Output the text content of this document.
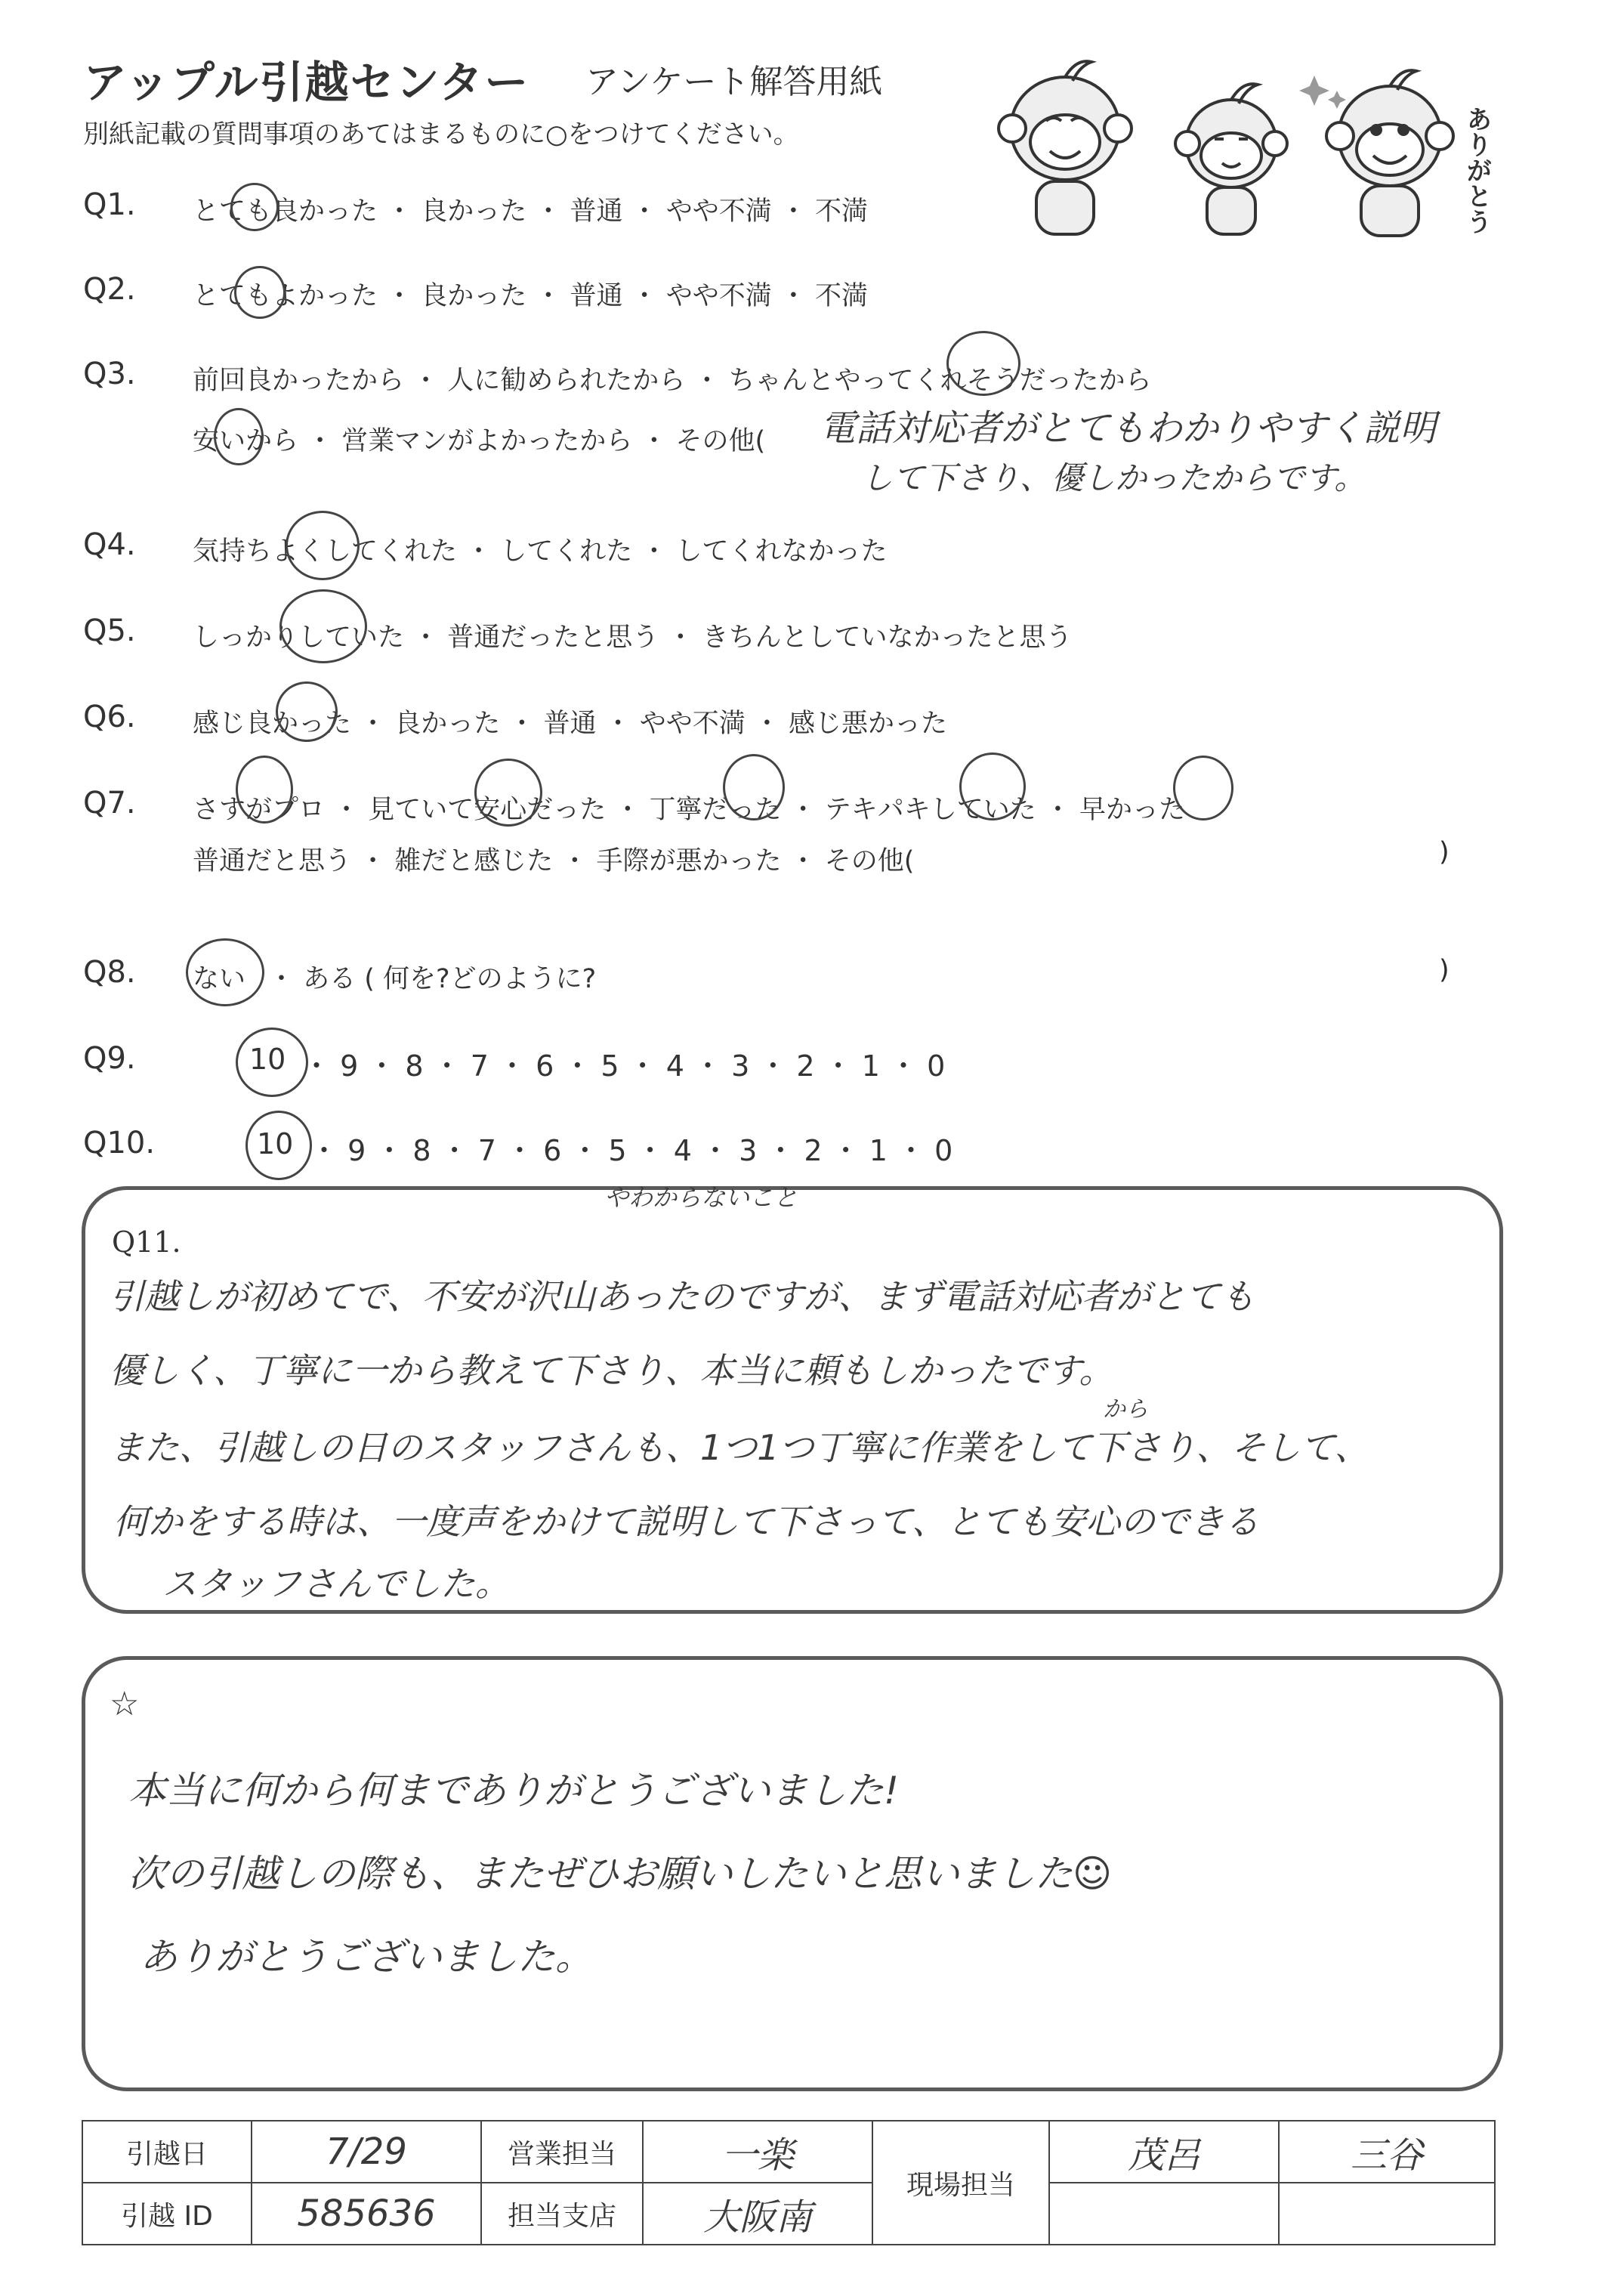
アップル引越センター アンケート解答用紙
別紙記載の質問事項のあてはまるものに○をつけてください。	ありがとう
Q1. とても良かった ・ 良かった ・ 普通 ・ やや不満 ・ 不満
Q2. とてもよかった ・ 良かった ・ 普通 ・ やや不満 ・ 不満
Q3. 前回良かったから ・ 人に勧められたから ・ ちゃんとやってくれそうだったから
安いから ・ 営業マンがよかったから ・ その他( 電話対応者がとてもわかりやすく説明
して下さり、優しかったからです。
Q4. 気持ちよくしてくれた ・ してくれた ・ してくれなかった
Q5. しっかりしていた ・ 普通だったと思う ・ きちんとしていなかったと思う
Q6. 感じ良かった ・ 良かった ・ 普通 ・ やや不満 ・ 感じ悪かった
Q7. さすがプロ ・ 見ていて安心だった ・ 丁寧だった ・ テキパキしていた ・ 早かった
普通だと思う ・ 雑だと感じた ・ 手際が悪かった ・ その他(	)
Q8. ない ・ ある ( 何を?どのように?	)
Q9.	10 ・ 9 ・ 8 ・ 7 ・ 6 ・ 5 ・ 4 ・ 3 ・ 2 ・ 1 ・ 0
Q10.	10 ・ 9 ・ 8 ・ 7 ・ 6 ・ 5 ・ 4 ・ 3 ・ 2 ・ 1 ・ 0
Q11.
やわからないこと
から
引越しが初めてで、不安が沢山あったのですが、まず電話対応者がとても
優しく、丁寧に一から教えて下さり、本当に頼もしかったです。
また、引越しの日のスタッフさんも、1つ1つ丁寧に作業をして下さり、そして、
何かをする時は、一度声をかけて説明して下さって、とても安心のできる
スタッフさんでした。
☆
本当に何から何までありがとうございました!
次の引越しの際も、またぜひお願いしたいと思いました☺
ありがとうございました。
引越日	7/29	営業担当	一楽	現場担当	茂呂	三谷
引越 ID	585636	担当支店	大阪南			
